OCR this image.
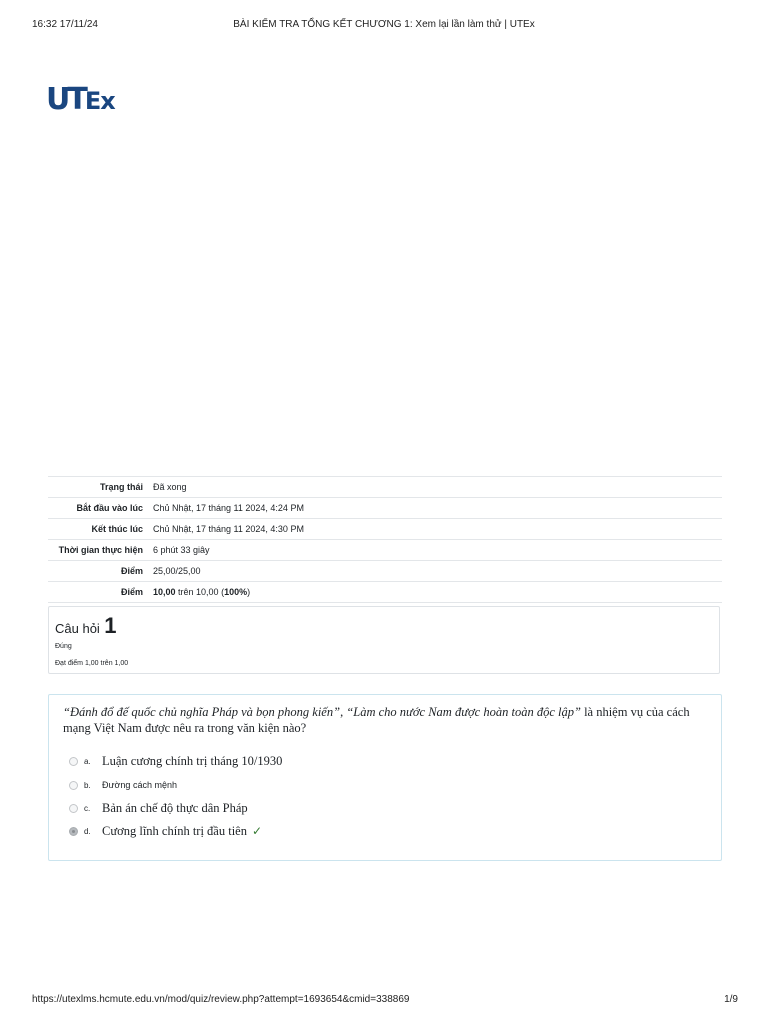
16:32 17/11/24	BÀI KIỂM TRA TỔNG KẾT CHƯƠNG 1: Xem lại lần làm thử | UTEx
UTEx
Trạng thái	Đã xong
Bắt đầu vào lúc	Chủ Nhật, 17 tháng 11 2024, 4:24 PM
Kết thúc lúc	Chủ Nhật, 17 tháng 11 2024, 4:30 PM
Thời gian thực hiện	6 phút 33 giây
Điểm	25,00/25,00
Điểm	10,00 trên 10,00 (100%)
Câu hỏi 1
Đúng
Đạt điểm 1,00 trên 1,00
“Đánh đổ đế quốc chủ nghĩa Pháp và bọn phong kiến”, “Làm cho nước Nam được hoàn toàn độc lập” là nhiệm vụ của cách mạng Việt Nam được nêu ra trong văn kiện nào?
a. Luận cương chính trị tháng 10/1930
b.	Đường cách mệnh
c. Bản án chế độ thực dân Pháp
d. Cương lĩnh chính trị đầu tiên ✓
https://utexlms.hcmute.edu.vn/mod/quiz/review.php?attempt=1693654&cmid=338869	1/9
